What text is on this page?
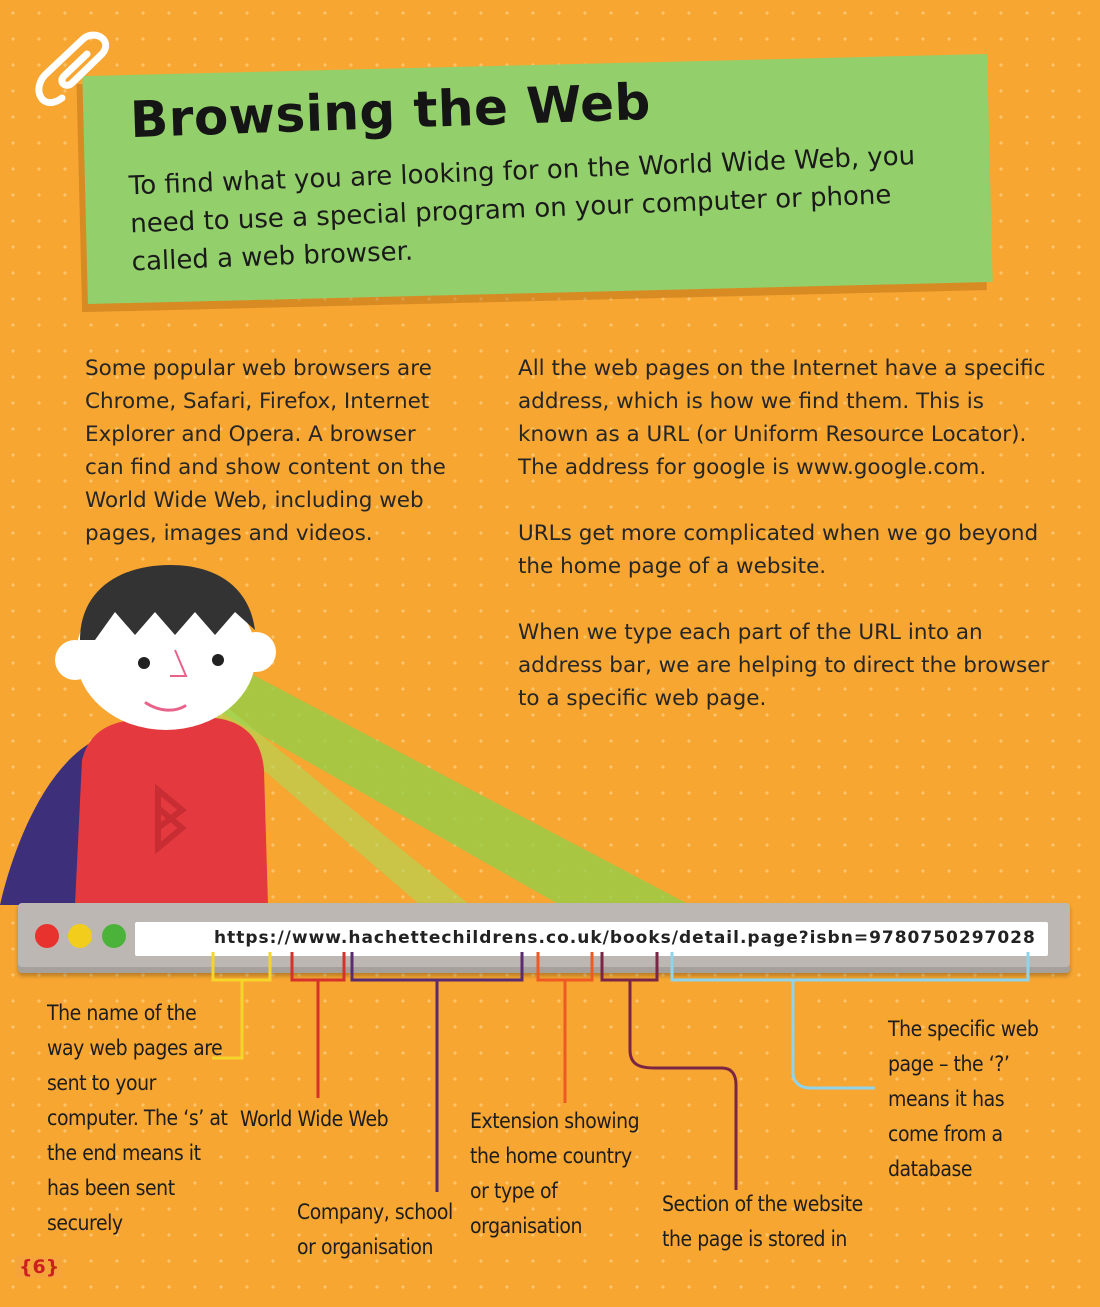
Browsing the Web

To find what you are looking for on the World Wide Web, you need to use a special program on your computer or phone called a web browser.

Some popular web browsers are Chrome, Safari, Firefox, Internet Explorer and Opera. A browser can find and show content on the World Wide Web, including web pages, images and videos.

All the web pages on the Internet have a specific address, which is how we find them. This is known as a URL (or Uniform Resource Locator). The address for google is www.google.com.

URLs get more complicated when we go beyond the home page of a website.

When we type each part of the URL into an address bar, we are helping to direct the browser to a specific web page.

https://www.hachettechildrens.co.uk/books/detail.page?isbn=9780750297028

The name of the way web pages are sent to your computer. The ‘s’ at the end means it has been sent securely

World Wide Web

Company, school or organisation

Extension showing the home country or type of organisation

Section of the website the page is stored in

The specific web page – the ‘?’ means it has come from a database

{6}
